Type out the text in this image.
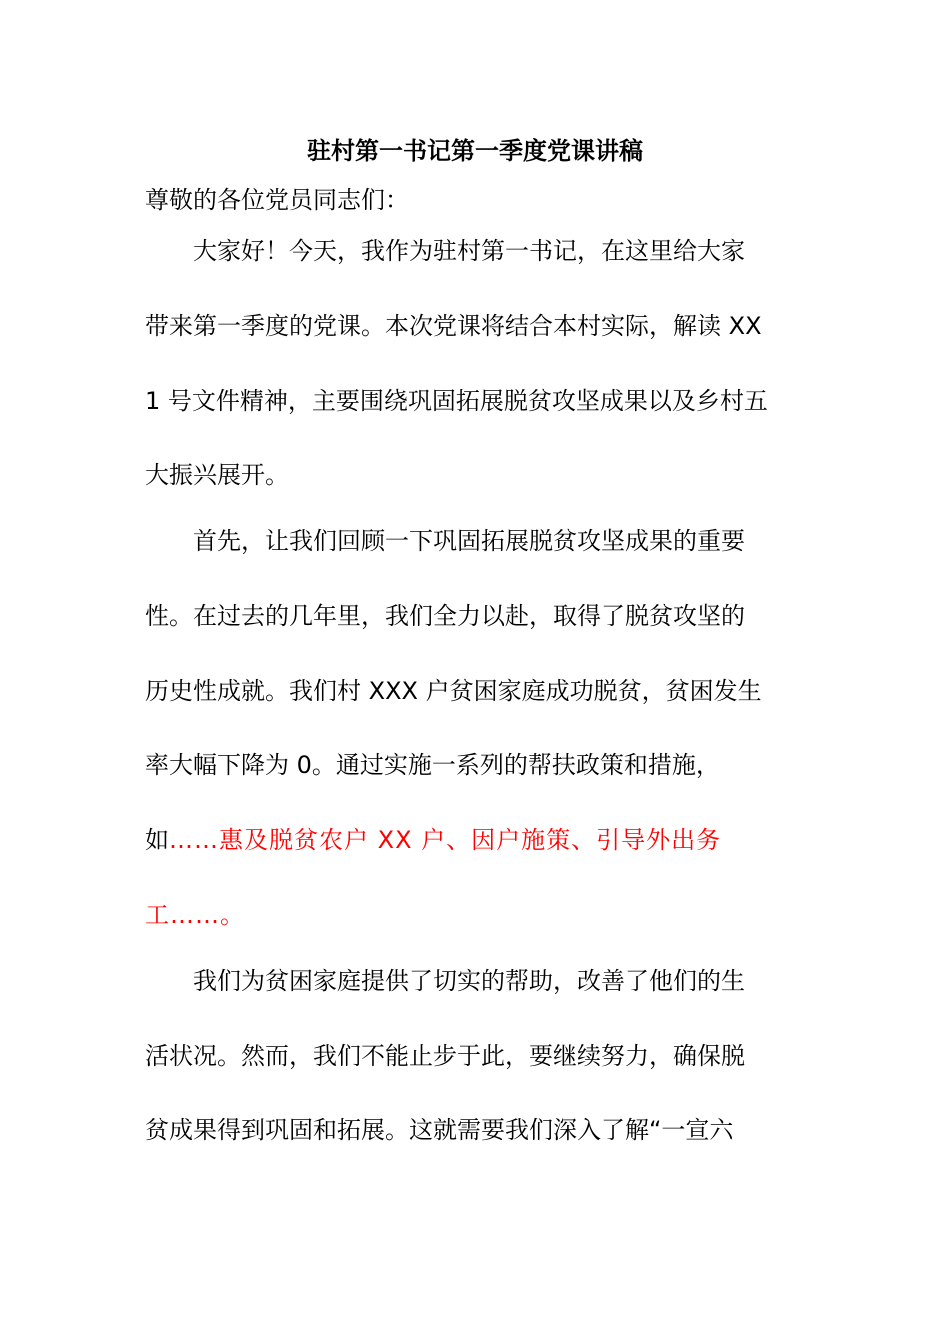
驻村第一书记第一季度党课讲稿
尊敬的各位党员同志们：
大家好！今天，我作为驻村第一书记，在这里给大家
带来第一季度的党课。本次党课将结合本村实际，解读 XX
1 号文件精神，主要围绕巩固拓展脱贫攻坚成果以及乡村五
大振兴展开。
首先，让我们回顾一下巩固拓展脱贫攻坚成果的重要
性。在过去的几年里，我们全力以赴，取得了脱贫攻坚的
历史性成就。我们村 XXX 户贫困家庭成功脱贫，贫困发生
率大幅下降为 0。通过实施一系列的帮扶政策和措施，
如……惠及脱贫农户 XX 户、因户施策、引导外出务
工……。
我们为贫困家庭提供了切实的帮助，改善了他们的生
活状况。然而，我们不能止步于此，要继续努力，确保脱
贫成果得到巩固和拓展。这就需要我们深入了解“一宣六
